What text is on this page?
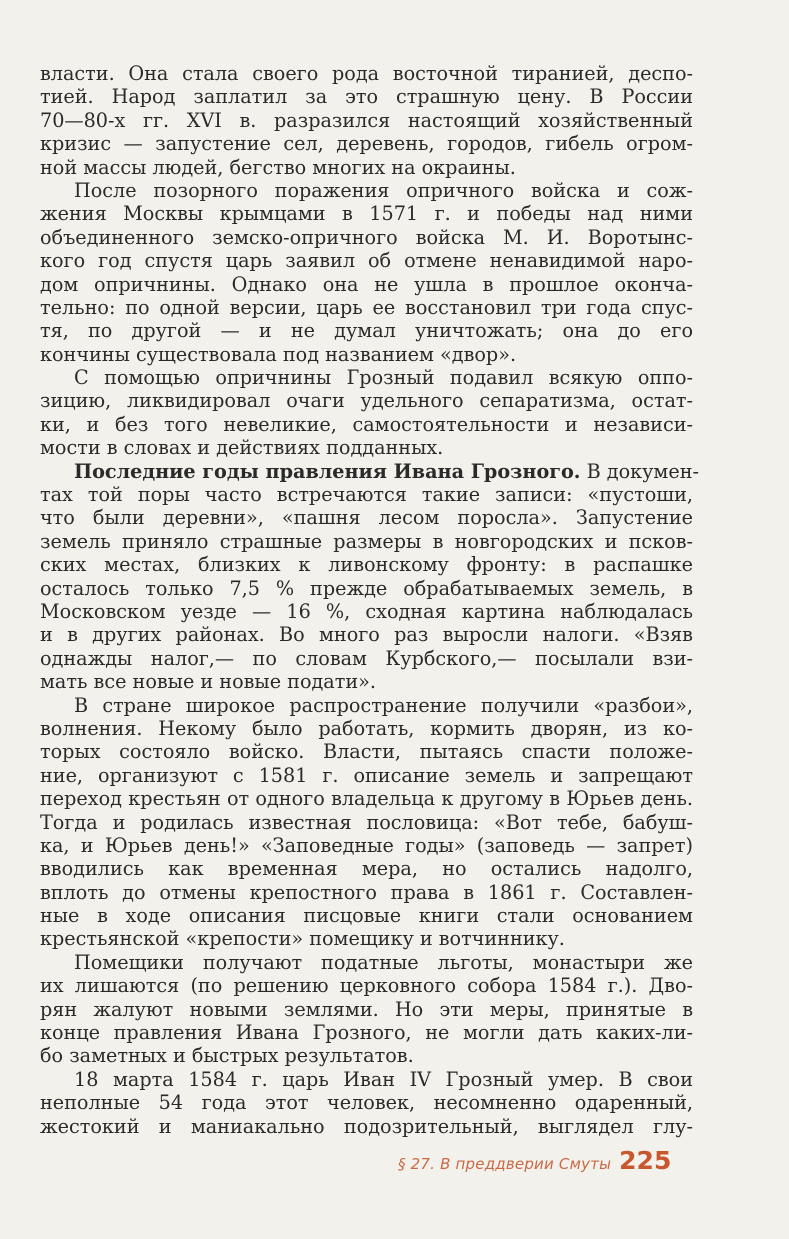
власти. Она стала своего рода восточной тиранией, деспо-
тией. Народ заплатил за это страшную цену. В России
70—80-х гг. XVI в. разразился настоящий хозяйственный
кризис — запустение сел, деревень, городов, гибель огром-
ной массы людей, бегство многих на окраины.
После позорного поражения опричного войска и сож-
жения Москвы крымцами в 1571 г. и победы над ними
объединенного земско-опричного войска М. И. Воротынс-
кого год спустя царь заявил об отмене ненавидимой наро-
дом опричнины. Однако она не ушла в прошлое оконча-
тельно: по одной версии, царь ее восстановил три года спус-
тя, по другой — и не думал уничтожать; она до его
кончины существовала под названием «двор».
С помощью опричнины Грозный подавил всякую оппо-
зицию, ликвидировал очаги удельного сепаратизма, остат-
ки, и без того невеликие, самостоятельности и независи-
мости в словах и действиях подданных.
Последние годы правления Ивана Грозного. В докумен-
тах той поры часто встречаются такие записи: «пустоши,
что были деревни», «пашня лесом поросла». Запустение
земель приняло страшные размеры в новгородских и псков-
ских местах, близких к ливонскому фронту: в распашке
осталось только 7,5 % прежде обрабатываемых земель, в
Московском уезде — 16 %, сходная картина наблюдалась
и в других районах. Во много раз выросли налоги. «Взяв
однажды налог,— по словам Курбского,— посылали взи-
мать все новые и новые подати».
В стране широкое распространение получили «разбои»,
волнения. Некому было работать, кормить дворян, из ко-
торых состояло войско. Власти, пытаясь спасти положе-
ние, организуют с 1581 г. описание земель и запрещают
переход крестьян от одного владельца к другому в Юрьев день.
Тогда и родилась известная пословица: «Вот тебе, бабуш-
ка, и Юрьев день!» «Заповедные годы» (заповедь — запрет)
вводились как временная мера, но остались надолго,
вплоть до отмены крепостного права в 1861 г. Составлен-
ные в ходе описания писцовые книги стали основанием
крестьянской «крепости» помещику и вотчиннику.
Помещики получают податные льготы, монастыри же
их лишаются (по решению церковного собора 1584 г.). Дво-
рян жалуют новыми землями. Но эти меры, принятые в
конце правления Ивана Грозного, не могли дать каких-ли-
бо заметных и быстрых результатов.
18 марта 1584 г. царь Иван IV Грозный умер. В свои
неполные 54 года этот человек, несомненно одаренный,
жестокий и маниакально подозрительный, выглядел глу-
§ 27. В преддверии Смуты 225
